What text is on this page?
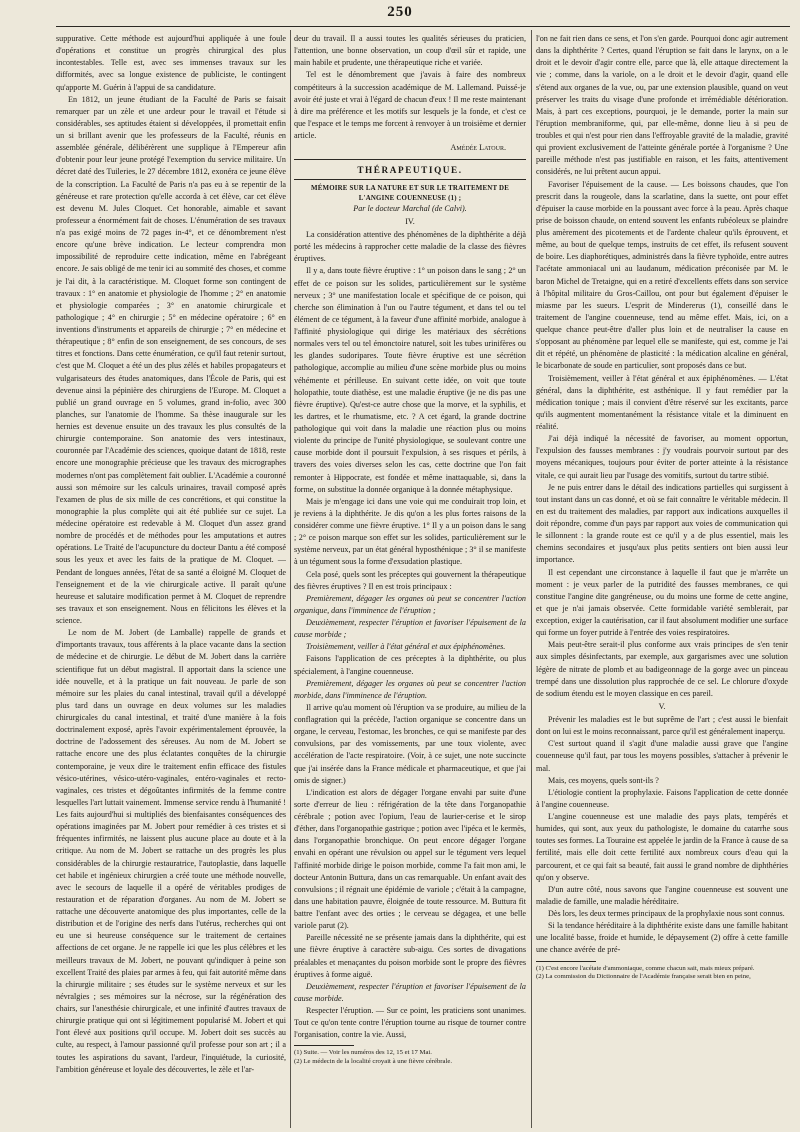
250

suppurative. Cette méthode est aujourd'hui appliquée à une foule d'opérations et constitue un progrès chirurgical des plus incontestables. Telle est, avec ses immenses travaux sur les difformités, avec sa longue existence de publiciste, le contingent qu'apporte M. Guérin à l'appui de sa candidature.

En 1812, un jeune étudiant de la Faculté de Paris se faisait remarquer par un zèle et une ardeur pour le travail et l'étude si considérables, ses aptitudes étaient si développées, il promettait enfin un si brillant avenir que les professeurs de la Faculté, réunis en assemblée générale, délibérèrent une supplique à l'Empereur afin d'obtenir pour leur jeune protégé l'exemption du service militaire. Un décret daté des Tuileries, le 27 décembre 1812, exonéra ce jeune élève de la conscription. La Faculté de Paris n'a pas eu à se repentir de la généreuse et rare protection qu'elle accorda à cet élève, car cet élève est devenu M. Jules Cloquet. Cet honorable, aimable et savant professeur a énormément fait de choses. L'énumération de ses travaux n'a pas exigé moins de 72 pages in-4°, et ce dénombrement n'est encore qu'une brève indication. Le lecteur comprendra mon impossibilité de reproduire cette indication, même en l'abrégeant encore. Je sais obligé de me tenir ici au sommité des choses, et comme je l'ai dit, à la caractéristique. M. Cloquet forme son contingent de travaux : 1° en anatomie et physiologie de l'homme ; 2° en anatomie et physiologie comparées ; 3° en anatomie chirurgicale et pathologique ; 4° en chirurgie ; 5° en médecine opératoire ; 6° en inventions d'instruments et appareils de chirurgie ; 7° en médecine et thérapeutique ; 8° enfin de son enseignement, de ses concours, de ses titres et fonctions. Dans cette énumération, ce qu'il faut retenir surtout, c'est que M. Cloquet a été un des plus zélés et habiles propagateurs et vulgarisateurs des études anatomiques, dans l'École de Paris, qui est devenue ainsi la pépinière des chirurgiens de l'Europe. M. Cloquet a publié un grand ouvrage en 5 volumes, grand in-folio, avec 300 planches, sur l'anatomie de l'homme. Sa thèse inaugurale sur les hernies est devenue ensuite un des travaux les plus consultés de la chirurgie contemporaine. Son anatomie des vers intestinaux, couronnée par l'Académie des sciences, quoique datant de 1818, reste encore une monographie précieuse que les travaux des micrographes modernes n'ont pas complètement fait oublier. L'Académie a couronné aussi son mémoire sur les calculs urinaires, travail composé après l'examen de plus de six mille de ces concrétions, et qui constitue la monographie la plus complète qui ait été publiée sur ce sujet. La médecine opératoire est redevable à M. Cloquet d'un assez grand nombre de procédés et de méthodes pour les amputations et autres opérations. Le Traité de l'acupuncture du docteur Dantu a été composé sous les yeux et avec les faits de la pratique de M. Cloquet. — Pendant de longues années, l'état de sa santé a éloigné M. Cloquet de l'enseignement et de la vie chirurgicale active. Il paraît qu'une heureuse et salutaire modification permet à M. Cloquet de reprendre ses travaux et son enseignement. Nous en félicitons les élèves et la science.

Le nom de M. Jobert (de Lamballe) rappelle de grands et d'importants travaux, tous afférents à la place vacante dans la section de médecine et de chirurgie. Le début de M. Jobert dans la carrière scientifique fut un début magistral. Il apportait dans la science une idée nouvelle, et à la pratique un fait nouveau. Je parle de son mémoire sur les plaies du canal intestinal, travail qu'il a développé plus tard dans un ouvrage en deux volumes sur les maladies chirurgicales du canal intestinal, et traité d'une manière à la fois doctrinalement exposé, après l'avoir expérimentalement éprouvée, la doctrine de l'adossement des séreuses. Au nom de M. Jobert se rattache encore une des plus éclatantes conquêtes de la chirurgie contemporaine, je veux dire le traitement enfin efficace des fistules vésico-utérines, vésico-utéro-vaginales, entéro-vaginales et recto-vaginales, ces tristes et dégoûtantes infirmités de la femme contre lesquelles l'art luttait vainement. Immense service rendu à l'humanité ! Les faits aujourd'hui si multipliés des bienfaisantes conséquences des opérations imaginées par M. Jobert pour remédier à ces tristes et si fréquentes infirmités, ne laissent plus aucune place au doute et à la critique. Au nom de M. Jobert se rattache un des progrès les plus considérables de la chirurgie restauratrice, l'autoplastie, dans laquelle cet habile et ingénieux chirurgien a créé toute une méthode nouvelle, avec le secours de laquelle il a opéré de véritables prodiges de restauration et de réparation d'organes. Au nom de M. Jobert se rattache une découverte anatomique des plus importantes, celle de la distribution et de l'origine des nerfs dans l'utérus, recherches qui ont eu une si heureuse conséquence sur le traitement de certaines affections de cet organe. Je ne rappelle ici que les plus célèbres et les meilleurs travaux de M. Jobert, ne pouvant qu'indiquer à peine son excellent Traité des plaies par armes à feu, qui fait autorité même dans la chirurgie militaire ; ses études sur le système nerveux et sur les névralgies ; ses mémoires sur la nécrose, sur la régénération des chairs, sur l'anesthésie chirurgicale, et une infinité d'autres travaux de chirurgie pratique qui ont si légitimement popularisé M. Jobert et qui l'ont élevé aux positions qu'il occupe. M. Jobert doit ses succès au culte, au respect, à l'amour passionné qu'il professe pour son art ; il a toutes les aspirations du savant, l'ardeur, l'inquiétude, la curiosité, l'ambition généreuse et loyale des découvertes, le zèle et l'ar-

deur du travail. Il a aussi toutes les qualités sérieuses du praticien, l'attention, une bonne observation, un coup d'œil sûr et rapide, une main habile et prudente, une thérapeutique riche et variée.

Tel est le dénombrement que j'avais à faire des nombreux compétiteurs à la succession académique de M. Lallemand. Puissé-je avoir été juste et vrai à l'égard de chacun d'eux ! Il me reste maintenant à dire ma préférence et les motifs sur lesquels je la fonde, et c'est ce que l'espace et le temps me forcent à renvoyer à un troisième et dernier article.

Amédée Latour.

THÉRAPEUTIQUE.
MÉMOIRE SUR LA NATURE ET SUR LE TRAITEMENT DE L'ANGINE COUENNEUSE (1) ;
Par le docteur Marchal (de Calvi).
IV.

La considération attentive des phénomènes de la diphthérite a déjà porté les médecins à rapprocher cette maladie de la classe des fièvres éruptives.

Il y a, dans toute fièvre éruptive : 1° un poison dans le sang ; 2° un effet de ce poison sur les solides, particulièrement sur le système nerveux ; 3° une manifestation locale et spécifique de ce poison, qui cherche son élimination à l'un ou l'autre tégument, et dans tel ou tel élément de ce tégument, à la faveur d'une affinité morbide, analogue à l'affinité physiologique qui dirige les matériaux des sécrétions normales vers tel ou tel émonctoire naturel, soit les tubes urinifères ou les glandes sudoripares. Toute fièvre éruptive est une sécrétion pathologique, accomplie au milieu d'une scène morbide plus ou moins véhémente et périlleuse. En suivant cette idée, on voit que toute holopathie, toute diathèse, est une maladie éruptive (je ne dis pas une fièvre éruptive). Qu'est-ce autre chose que la morve, et la syphilis, et les dartres, et le rhumatisme, etc. ? A cet égard, la grande doctrine pathologique qui voit dans la maladie une réaction plus ou moins violente du principe de l'unité physiologique, se soulevant contre une cause morbide dont il poursuit l'expulsion, à ses risques et périls, à travers des voies diverses selon les cas, cette doctrine que l'on fait remonter à Hippocrate, est fondée et même inattaquable, si, dans la forme, on substitue la donnée organique à la donnée métaphysique.

Mais je m'engage ici dans une voie qui me conduirait trop loin, et je reviens à la diphthérite. Je dis qu'on a les plus fortes raisons de la considérer comme une fièvre éruptive. 1° Il y a un poison dans le sang ; 2° ce poison marque son effet sur les solides, particulièrement sur le système nerveux, par un état général hyposthénique ; 3° il se manifeste à un tégument sous la forme d'exsudation plastique.

Cela posé, quels sont les préceptes qui gouvernent la thérapeutique des fièvres éruptives ? Il en est trois principaux :

Premièrement, dégager les organes où peut se concentrer l'action organique, dans l'imminence de l'éruption ;

Deuxièmement, respecter l'éruption et favoriser l'épuisement de la cause morbide ;

Troisièmement, veiller à l'état général et aux épiphénomènes.

Faisons l'application de ces préceptes à la diphthérite, ou plus spécialement, à l'angine couenneuse.

Premièrement, dégager les organes où peut se concentrer l'action morbide, dans l'imminence de l'éruption.

Il arrive qu'au moment où l'éruption va se produire, au milieu de la conflagration qui la précède, l'action organique se concentre dans un organe, le cerveau, l'estomac, les bronches, ce qui se manifeste par des convulsions, par des vomissements, par une toux violente, avec accélération de l'acte respiratoire. (Voir, à ce sujet, une note succincte que j'ai insérée dans la France médicale et pharmaceutique, et que j'ai omis de signer.)

L'indication est alors de dégager l'organe envahi par suite d'une sorte d'erreur de lieu : réfrigération de la tête dans l'organopathie cérébrale ; potion avec l'opium, l'eau de laurier-cerise et le sirop d'éther, dans l'organopathie gastrique ; potion avec l'ipéca et le kermès, dans l'organopathie bronchique. On peut encore dégager l'organe envahi en opérant une révulsion ou appel sur le tégument vers lequel l'affinité morbide dirige le poison morbide, comme l'a fait mon ami, le docteur Antonin Buttura, dans un cas remarquable. Un enfant avait des convulsions ; il régnait une épidémie de variole ; c'était à la campagne, dans une habitation pauvre, éloignée de toute ressource. M. Buttura fit battre l'enfant avec des orties ; le cerveau se dégagea, et une belle variole parut (2).

Pareille nécessité ne se présente jamais dans la diphthérite, qui est une fièvre éruptive à caractère sub-aigu. Ces sortes de divagations préalables et menaçantes du poison morbide sont le propre des fièvres éruptives à forme aiguë.

Deuxièmement, respecter l'éruption et favoriser l'épuisement de la cause morbide.

Respecter l'éruption. — Sur ce point, les praticiens sont unanimes. Tout ce qu'on tente contre l'éruption tourne au risque de tourner contre l'organisation, contre la vie. Aussi,

(1) Suite. — Voir les numéros des 12, 15 et 17 Mai.

(2) Le médecin de la localité croyait à une fièvre cérébrale.

l'on ne fait rien dans ce sens, et l'on s'en garde. Pourquoi donc agir autrement dans la diphthérite ? Certes, quand l'éruption se fait dans le larynx, on a le droit et le devoir d'agir contre elle, parce que là, elle attaque directement la vie ; comme, dans la variole, on a le droit et le devoir d'agir, quand elle s'étend aux organes de la vue, ou, par une extension plausible, quand on veut préserver les traits du visage d'une profonde et irrémédiable détérioration. Mais, à part ces exceptions, pourquoi, je le demande, porter la main sur l'éruption membraniforme, qui, par elle-même, donne lieu à si peu de troubles et qui n'est pour rien dans l'effroyable gravité de la maladie, gravité qui provient exclusivement de l'atteinte générale portée à l'organisme ? Une pareille méthode n'est pas justifiable en raison, et les faits, attentivement considérés, ne lui prêtent aucun appui.

Favoriser l'épuisement de la cause. — Les boissons chaudes, que l'on prescrit dans la rougeole, dans la scarlatine, dans la suette, ont pour effet d'épuiser la cause morbide en la poussant avec force à la peau. Après chaque prise de boisson chaude, on entend souvent les enfants rubéoleux se plaindre plus amèrement des picotements et de l'ardente chaleur qu'ils éprouvent, et même, au bout de quelque temps, instruits de cet effet, ils refusent souvent de boire. Les diaphorétiques, administrés dans la fièvre typhoïde, entre autres l'acétate ammoniacal uni au laudanum, médication préconisée par M. le baron Michel de Tretaigne, qui en a retiré d'excellents effets dans son service à l'hôpital militaire du Gros-Caillou, ont pour but également d'épuiser le miasme par les sueurs. L'esprit de Mindererus (1), conseillé dans le traitement de l'angine couenneuse, tend au même effet. Mais, ici, on a quelque chance peut-être d'aller plus loin et de neutraliser la cause en s'opposant au phénomène par lequel elle se manifeste, qui est, comme je l'ai dit et répété, un phénomène de plasticité : la médication alcaline en général, le bicarbonate de soude en particulier, sont proposés dans ce but.

Troisièmement, veiller à l'état général et aux épiphénomènes. — L'état général, dans la diphthérite, est asthénique. Il y faut remédier par la médication tonique ; mais il convient d'être réservé sur les excitants, parce qu'ils augmentent momentanément la résistance vitale et la diminuent en réalité.

J'ai déjà indiqué la nécessité de favoriser, au moment opportun, l'expulsion des fausses membranes : j'y voudrais pourvoir surtout par des moyens mécaniques, toujours pour éviter de porter atteinte à la résistance vitale, ce qui aurait lieu par l'usage des vomitifs, surtout du tartre stibié.

Je ne puis entrer dans le détail des indications partielles qui surgissent à tout instant dans un cas donné, et où se fait connaître le véritable médecin. Il en est du traitement des maladies, par rapport aux indications auxquelles il doit répondre, comme d'un pays par rapport aux voies de communication qui le sillonnent : la grande route est ce qu'il y a de plus essentiel, mais les chemins secondaires et jusqu'aux plus petits sentiers ont bien aussi leur importance.

Il est cependant une circonstance à laquelle il faut que je m'arrête un moment : je veux parler de la putridité des fausses membranes, ce qui constitue l'angine dite gangréneuse, ou du moins une forme de cette angine, et que je n'ai jamais observée. Cette formidable variété semblerait, par exception, exiger la cautérisation, car il faut absolument modifier une surface qui forme un foyer putride à l'entrée des voies respiratoires.

Mais peut-être serait-il plus conforme aux vrais principes de s'en tenir aux simples désinfectants, par exemple, aux gargarismes avec une solution légère de nitrate de plomb et au badigeonnage de la gorge avec un pinceau trempé dans une dissolution plus rapprochée de ce sel. Le chlorure d'oxyde de sodium étendu est le moyen classique en ces pareil.

V.

Prévenir les maladies est le but suprême de l'art ; c'est aussi le bienfait dont on lui est le moins reconnaissant, parce qu'il est généralement inaperçu.

C'est surtout quand il s'agit d'une maladie aussi grave que l'angine couenneuse qu'il faut, par tous les moyens possibles, s'attacher à prévenir le mal.

Mais, ces moyens, quels sont-ils ?

L'étiologie contient la prophylaxie. Faisons l'application de cette donnée à l'angine couenneuse.

L'angine couenneuse est une maladie des pays plats, tempérés et humides, qui sont, aux yeux du pathologiste, le domaine du catarrhe sous toutes ses formes. La Touraine est appelée le jardin de la France à cause de sa fertilité, mais elle doit cette fertilité aux nombreux cours d'eau qui la parcourent, et ce qui fait sa beauté, fait aussi le grand nombre de diphthéries qu'on y observe.

D'un autre côté, nous savons que l'angine couenneuse est souvent une maladie de famille, une maladie héréditaire.

Dès lors, les deux termes principaux de la prophylaxie nous sont connus.

Si la tendance héréditaire à la diphthérite existe dans une famille habitant une localité basse, froide et humide, le dépaysement (2) offre à cette famille une chance avérée de pré-

(1) C'est encore l'acétate d'ammoniaque, comme chacun sait, mais mieux préparé.

(2) La commission du Dictionnaire de l'Académie française serait bien en peine,
